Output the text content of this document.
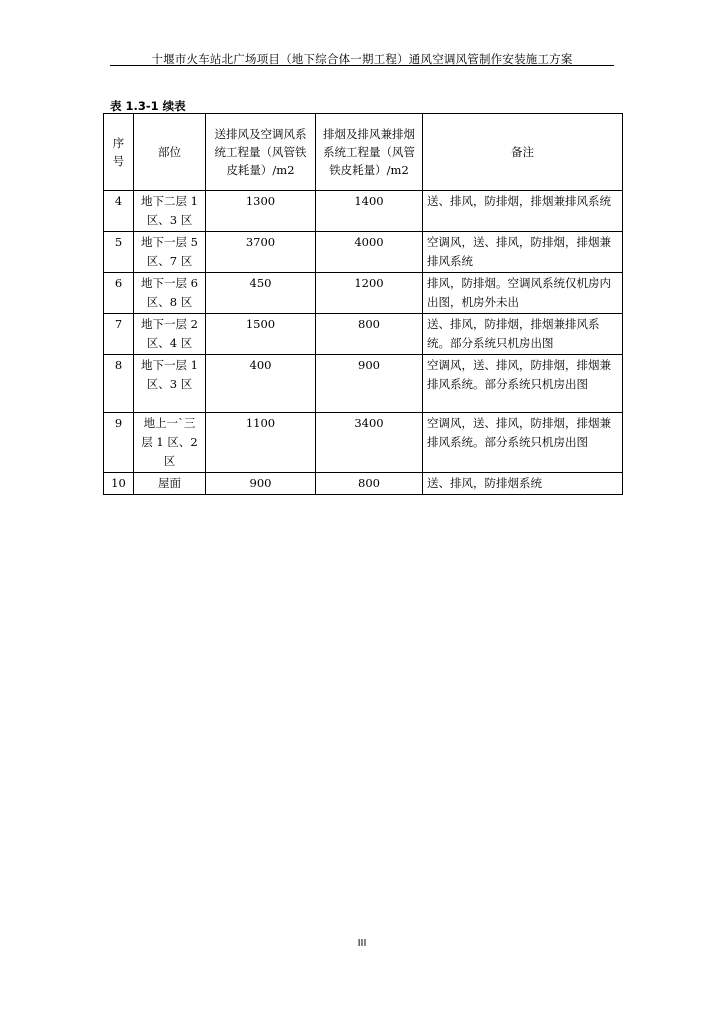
十堰市火车站北广场项目（地下综合体一期工程）通风空调风管制作安装施工方案
表 1.3-1 续表
序号	部位	送排风及空调风系统工程量（风管铁皮耗量）/m2	排烟及排风兼排烟系统工程量（风管铁皮耗量）/m2	备注
4	地下二层 1 区、3 区	1300	1400	送、排风，防排烟，排烟兼排风系统
5	地下一层 5 区、7 区	3700	4000	空调风，送、排风，防排烟，排烟兼排风系统
6	地下一层 6 区、8 区	450	1200	排风，防排烟。空调风系统仅机房内出图，机房外未出
7	地下一层 2 区、4 区	1500	800	送、排风，防排烟，排烟兼排风系统。部分系统只机房出图
8	地下一层 1 区、3 区	400	900	空调风，送、排风，防排烟，排烟兼排风系统。部分系统只机房出图
9	地上一`三层 1 区、2 区	1100	3400	空调风，送、排风，防排烟，排烟兼排风系统。部分系统只机房出图
10	屋面	900	800	送、排风，防排烟系统
III
